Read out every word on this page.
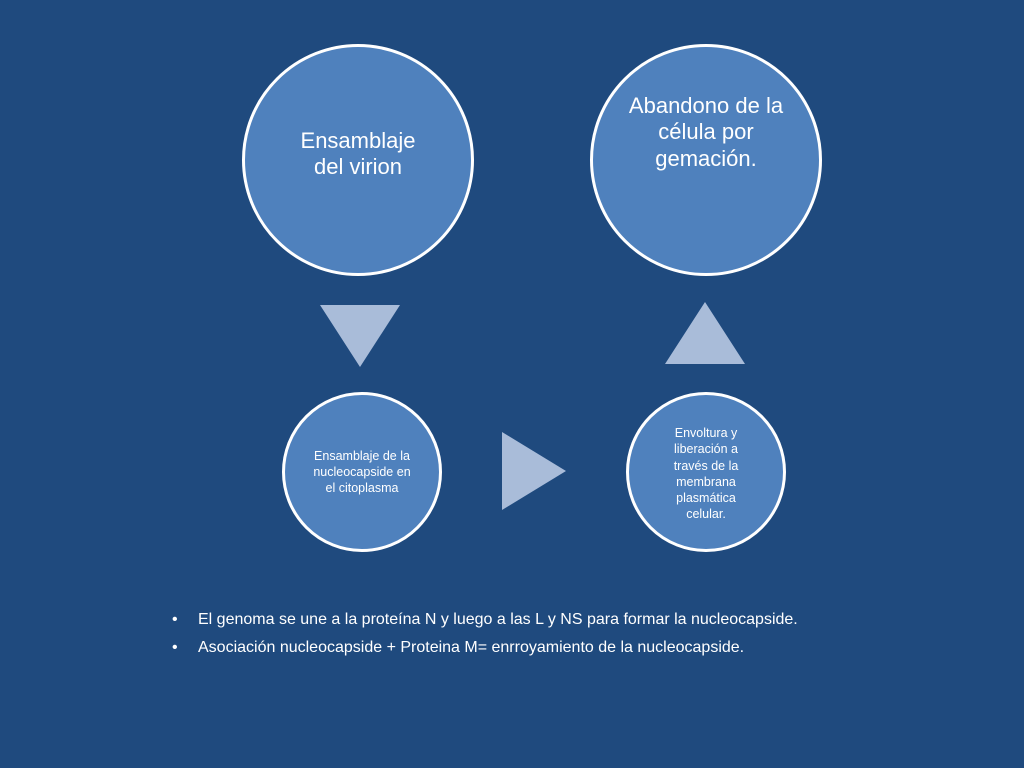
Ensamblaje del virion
Abandono de la célula por gemación.
Ensamblaje de la nucleocapside en el citoplasma
Envoltura y liberación a través de la membrana plasmática celular.
• El genoma se une a la proteína N y luego a las L y NS para formar la nucleocapside.
• Asociación nucleocapside + Proteina M= enrroyamiento de la nucleocapside.
